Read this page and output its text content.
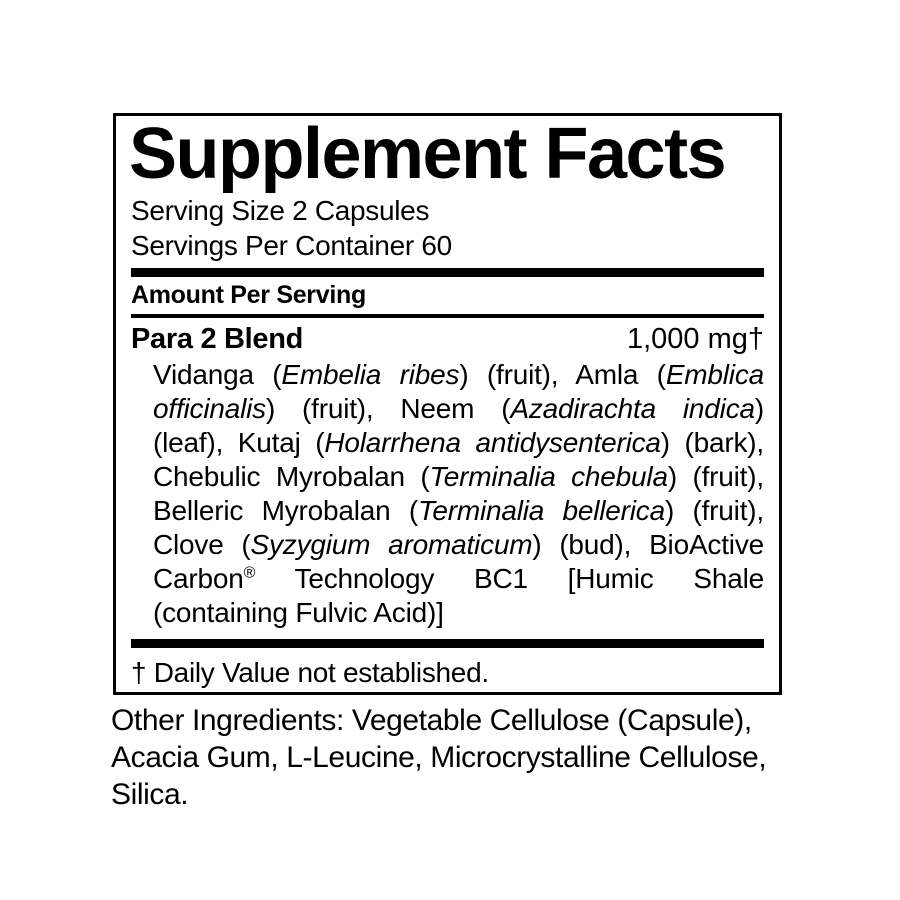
Supplement Facts
Serving Size 2 Capsules
Servings Per Container 60
Amount Per Serving
Para 2 Blend	1,000 mg†
Vidanga (Embelia ribes) (fruit), Amla (Emblica officinalis) (fruit), Neem (Azadirachta indica) (leaf), Kutaj (Holarrhena antidysenterica) (bark), Chebulic Myrobalan (Terminalia chebula) (fruit), Belleric Myrobalan (Terminalia bellerica) (fruit), Clove (Syzygium aromaticum) (bud), BioActive Carbon® Technology BC1 [Humic Shale (containing Fulvic Acid)]
† Daily Value not established.
Other Ingredients: Vegetable Cellulose (Capsule), Acacia Gum, L-Leucine, Microcrystalline Cellulose, Silica.
